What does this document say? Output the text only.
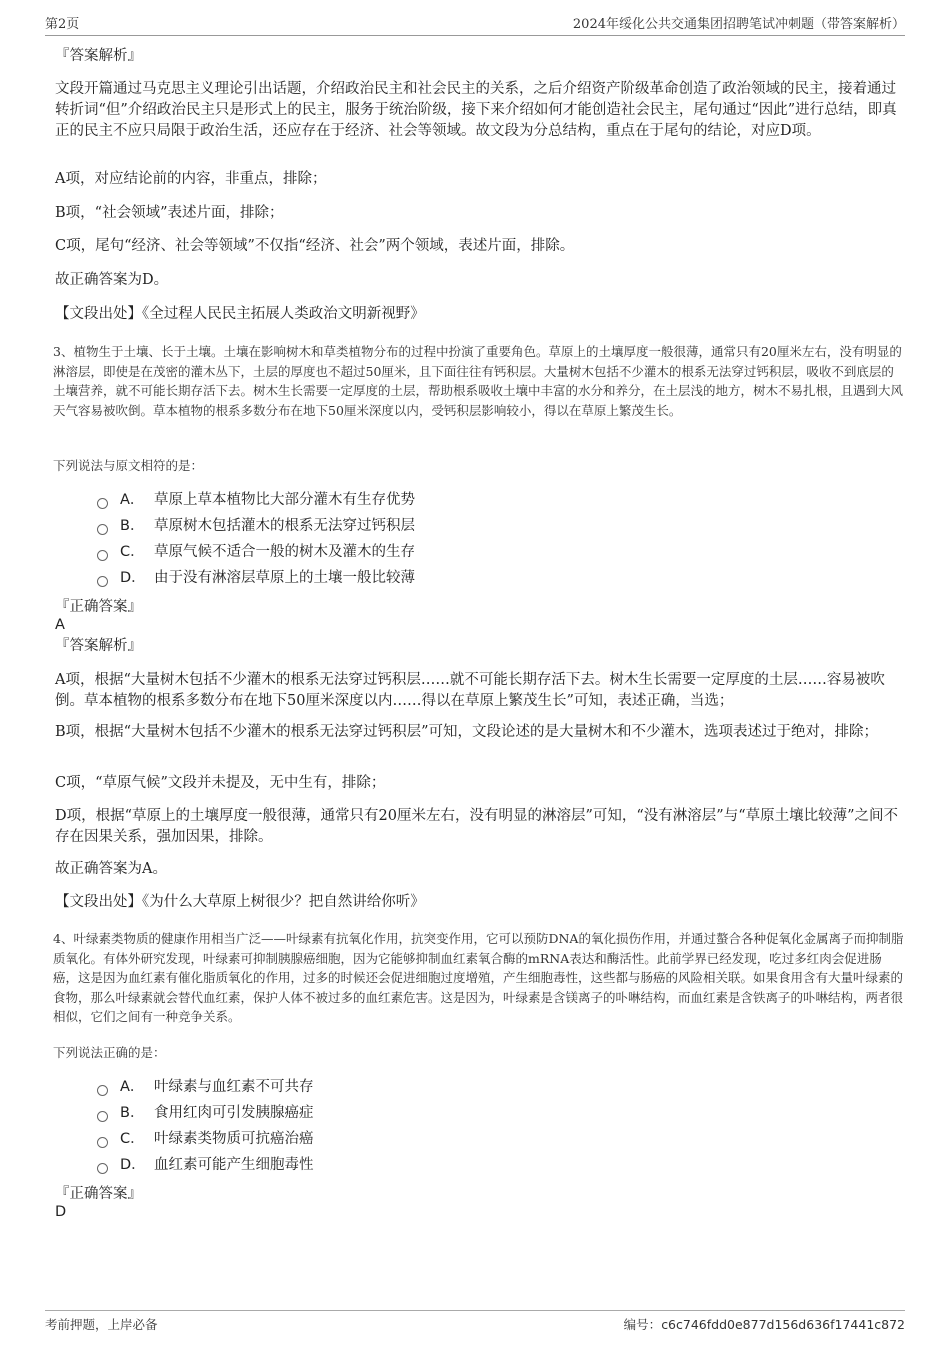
第2页	2024年绥化公共交通集团招聘笔试冲刺题（带答案解析）

『答案解析』

文段开篇通过马克思主义理论引出话题，介绍政治民主和社会民主的关系，之后介绍资产阶级革命创造了政治领域的民主，接着通过转折词“但”介绍政治民主只是形式上的民主，服务于统治阶级，接下来介绍如何才能创造社会民主，尾句通过“因此”进行总结，即真正的民主不应只局限于政治生活，还应存在于经济、社会等领域。故文段为分总结构，重点在于尾句的结论，对应D项。

A项，对应结论前的内容，非重点，排除；

B项，“社会领域”表述片面，排除；

C项，尾句“经济、社会等领域”不仅指“经济、社会”两个领域，表述片面，排除。

故正确答案为D。

【文段出处】《全过程人民民主拓展人类政治文明新视野》

3、植物生于土壤、长于土壤。土壤在影响树木和草类植物分布的过程中扮演了重要角色。草原上的土壤厚度一般很薄，通常只有20厘米左右，没有明显的淋溶层，即使是在茂密的灌木丛下，土层的厚度也不超过50厘米，且下面往往有钙积层。大量树木包括不少灌木的根系无法穿过钙积层，吸收不到底层的土壤营养，就不可能长期存活下去。树木生长需要一定厚度的土层，帮助根系吸收土壤中丰富的水分和养分，在土层浅的地方，树木不易扎根，且遇到大风天气容易被吹倒。草本植物的根系多数分布在地下50厘米深度以内，受钙积层影响较小，得以在草原上繁茂生长。

下列说法与原文相符的是：

A． 草原上草本植物比大部分灌木有生存优势
B． 草原树木包括灌木的根系无法穿过钙积层
C． 草原气候不适合一般的树木及灌木的生存
D． 由于没有淋溶层草原上的土壤一般比较薄

『正确答案』

A

『答案解析』

A项，根据“大量树木包括不少灌木的根系无法穿过钙积层……就不可能长期存活下去。树木生长需要一定厚度的土层……容易被吹倒。草本植物的根系多数分布在地下50厘米深度以内……得以在草原上繁茂生长”可知，表述正确，当选；

B项，根据“大量树木包括不少灌木的根系无法穿过钙积层”可知，文段论述的是大量树木和不少灌木，选项表述过于绝对，排除；

C项，“草原气候”文段并未提及，无中生有，排除；

D项，根据“草原上的土壤厚度一般很薄，通常只有20厘米左右，没有明显的淋溶层”可知，“没有淋溶层”与“草原土壤比较薄”之间不存在因果关系，强加因果，排除。

故正确答案为A。

【文段出处】《为什么大草原上树很少？把自然讲给你听》

4、叶绿素类物质的健康作用相当广泛——叶绿素有抗氧化作用，抗突变作用，它可以预防DNA的氧化损伤作用，并通过螯合各种促氧化金属离子而抑制脂质氧化。有体外研究发现，叶绿素可抑制胰腺癌细胞，因为它能够抑制血红素氧合酶的mRNA表达和酶活性。此前学界已经发现，吃过多红肉会促进肠癌，这是因为血红素有催化脂质氧化的作用，过多的时候还会促进细胞过度增殖，产生细胞毒性，这些都与肠癌的风险相关联。如果食用含有大量叶绿素的食物，那么叶绿素就会替代血红素，保护人体不被过多的血红素危害。这是因为，叶绿素是含镁离子的卟啉结构，而血红素是含铁离子的卟啉结构，两者很相似，它们之间有一种竞争关系。

下列说法正确的是：

A． 叶绿素与血红素不可共存
B． 食用红肉可引发胰腺癌症
C． 叶绿素类物质可抗癌治癌
D． 血红素可能产生细胞毒性

『正确答案』

D

考前押题，上岸必备	编号：c6c746fdd0e877d156d636f17441c872
